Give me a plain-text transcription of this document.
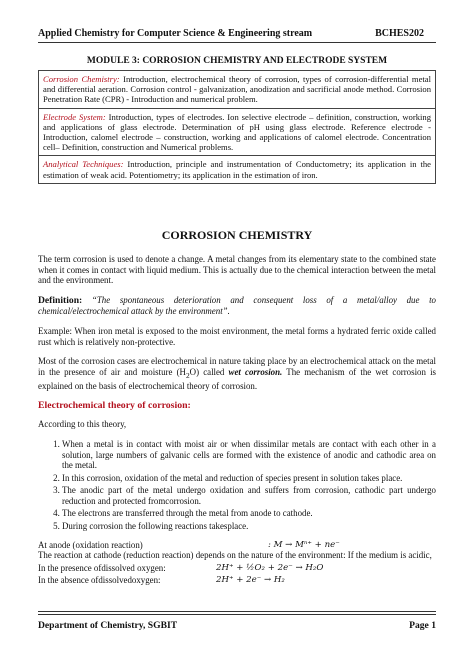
Applied Chemistry for Computer Science & Engineering stream	BCHES202
MODULE 3: CORROSION CHEMISTRY AND ELECTRODE SYSTEM
Corrosion Chemistry: Introduction, electrochemical theory of corrosion, types of corrosion-differential metal and differential aeration. Corrosion control - galvanization, anodization and sacrificial anode method. Corrosion Penetration Rate (CPR) - Introduction and numerical problem.
Electrode System: Introduction, types of electrodes. Ion selective electrode – definition, construction, working and applications of glass electrode. Determination of pH using glass electrode. Reference electrode - Introduction, calomel electrode – construction, working and applications of calomel electrode. Concentration cell– Definition, construction and Numerical problems.
Analytical Techniques: Introduction, principle and instrumentation of Conductometry; its application in the estimation of weak acid. Potentiometry; its application in the estimation of iron.
CORROSION CHEMISTRY

The term corrosion is used to denote a change. A metal changes from its elementary state to the combined state when it comes in contact with liquid medium. This is actually due to the chemical interaction between the metal and the environment.

Definition: “The spontaneous deterioration and consequent loss of a metal/alloy due to chemical/electrochemical attack by the environment”.

Example: When iron metal is exposed to the moist environment, the metal forms a hydrated ferric oxide called rust which is relatively non-protective.

Most of the corrosion cases are electrochemical in nature taking place by an electrochemical attack on the metal in the presence of air and moisture $(H_2O)$ called wet corrosion. The mechanism of the wet corrosion is explained on the basis of electrochemical theory of corrosion.

Electrochemical theory of corrosion:

According to this theory,

1. When a metal is in contact with moist air or when dissimilar metals are contact with each other in a solution, large numbers of galvanic cells are formed with the existence of anodic and cathodic area on the metal.
2. In this corrosion, oxidation of the metal and reduction of species present in solution takes place.
3. The anodic part of the metal undergo oxidation and suffers from corrosion, cathodic part undergo reduction and protected fromcorrosion.
4. The electrons are transferred through the metal from anode to cathode.
5. During corrosion the following reactions takesplace.
At anode (oxidation reaction)	: M → Mⁿ⁺ + ne⁻

The reaction at cathode (reduction reaction) depends on the nature of the environment: If the medium is acidic,

In the presence ofdissolved oxygen:	2H⁺ + ½O₂ + 2e⁻ → H₂O
In the absence ofdissolvedoxygen:	2H⁺ + 2e⁻ → H₂
Department of Chemistry, SGBIT	Page 1
